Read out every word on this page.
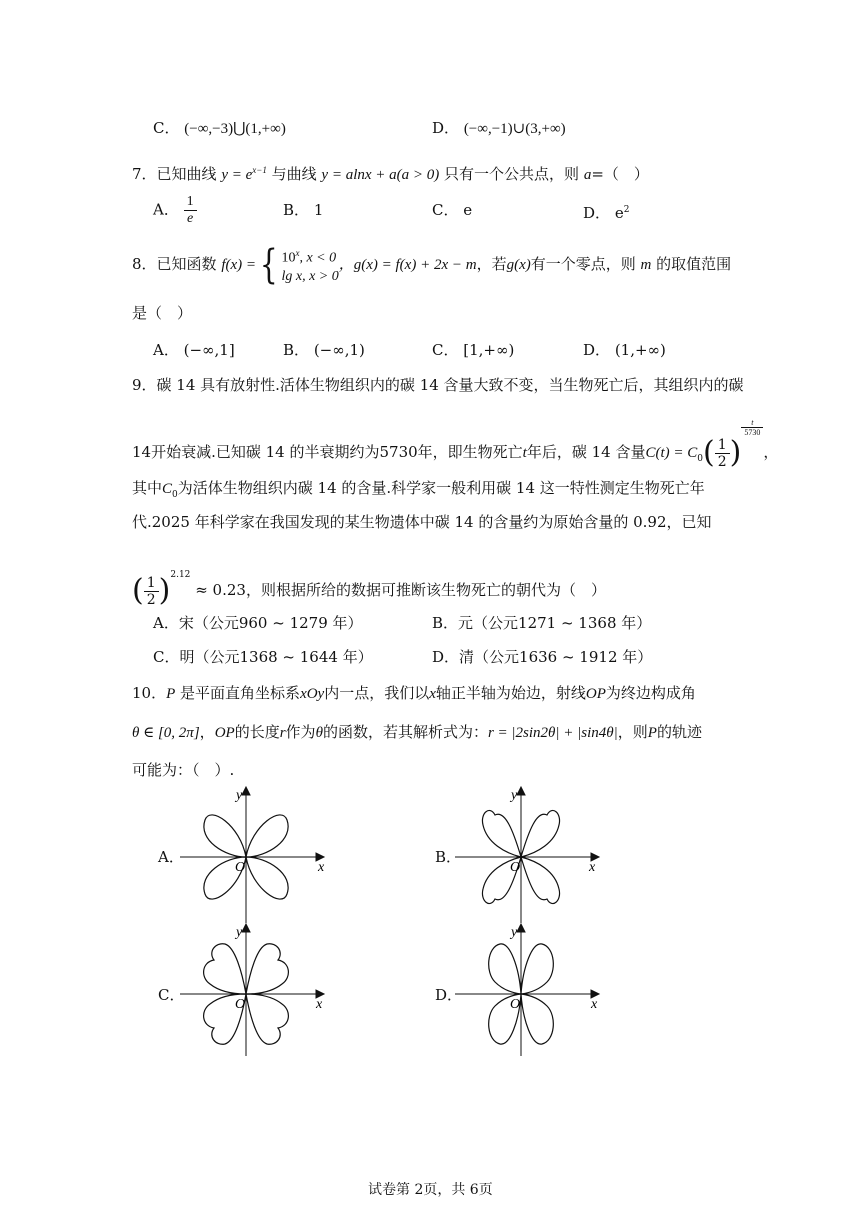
C． (−∞,−3)⋃(1,+∞)	D． (−∞,−1)∪(3,+∞)
7．已知曲线 $y = e^{x-1}$ 与曲线 y = alnx + a(a > 0) 只有一个公共点，则 a=（　）
A． $\frac{1}{e}$	B． 1	C． e	D． $e^2$
8．已知函数 f(x) ={ 10$^x$, x < 0
lg x, x > 0
，g(x) = f(x) + 2x − m，若g(x)有一个零点，则 m 的取值范围
是（　）
A． (−∞,1]	B． (−∞,1)	C． [1,+∞)	D． (1,+∞)
9．碳 14 具有放射性.活体生物组织内的碳 14 含量大致不变，当生物死亡后，其组织内的碳
14开始衰减.已知碳 14 的半衰期约为5730年，即生物死亡t年后，碳 14 含量$C(t) = C_0( \frac{1}{2}$ )
$\frac{t}{5730}$
，
其中$C_0$为活体生物组织内碳 14 的含量.科学家一般利用碳 14 这一特性测定生物死亡年
代.2025 年科学家在我国发现的某生物遗体中碳 14 的含量约为原始含量的 0.92，已知
( $\frac{1}{2} )^{2.12} \approx 0.23$，则根据所给的数据可推断该生物死亡的朝代为（　）
A．宋（公元960 ~ 1279 年）	B．元（公元1271 ~ 1368 年）
C．明（公元1368 ~ 1644 年）	D．清（公元1636 ~ 1912 年）
10．P 是平面直角坐标系xOy内一点，我们以x轴正半轴为始边，射线OP为终边构成角
θ ∈ [0, 2π]，OP的长度r作为θ的函数，若其解析式为：r = |2sin2θ| + |sin4θ|，则P的轨迹
可能为：（　）.
A．	B．
C．	D．
x
y
O	x
y
O
x
y
O	x
y
O
试卷第 2页，共 6页
